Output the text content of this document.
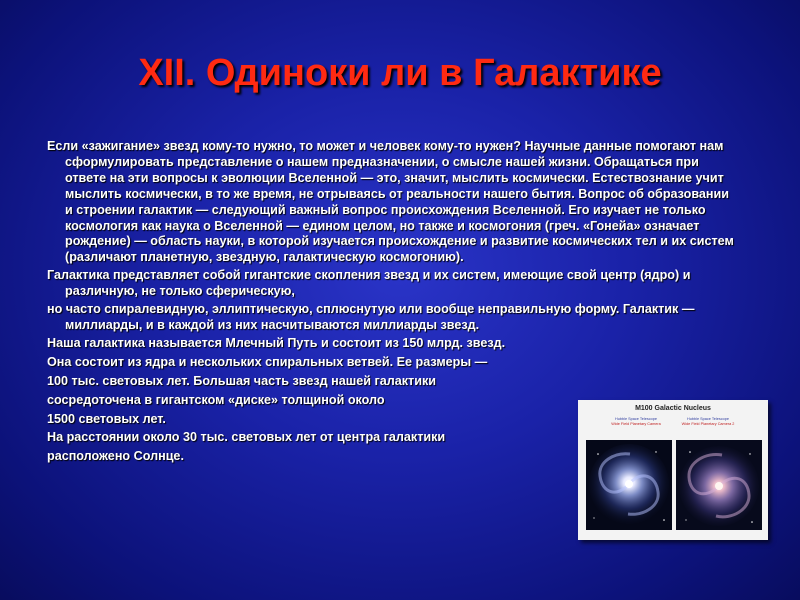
XII. Одиноки ли в Галактике

Если «зажигание» звезд кому-то нужно, то может и человек кому-то нужен? Научные данные помогают нам сформулировать представление о нашем предназначении, о смысле нашей жизни. Обращаться при ответе на эти вопросы к эволюции Вселенной — это, значит, мыслить космически. Естествознание учит мыслить космически, в то же время, не отрываясь от реальности нашего бытия. Вопрос об образовании и строении галактик — следующий важный вопрос происхождения Вселенной. Его изучает не только космология как наука о Вселенной — едином целом, но также и космогония (греч. «Гонейа» означает рождение) — область науки, в которой изучается происхождение и развитие космических тел и их систем (различают планетную, звездную, галактическую космогонию).

Галактика представляет собой гигантские скопления звезд и их систем, имеющие свой центр (ядро) и различную, не только сферическую,

но часто спиралевидную, эллиптическую, сплюснутую или вообще неправильную форму. Галактик — миллиарды, и в каждой из них насчитываются миллиарды звезд.

Наша галактика называется Млечный Путь и состоит из 150 млрд. звезд.

Она состоит из ядра и нескольких спиральных ветвей. Ее размеры —

100 тыс. световых лет. Большая часть звезд нашей галактики

сосредоточена в гигантском «диске» толщиной около

1500 световых лет.

На расстоянии около 30 тыс. световых лет от центра галактики

расположено Солнце.

M100 Galactic Nucleus
Hubble Space Telescope
Wide Field Planetary Camera
Hubble Space Telescope
Wide Field Planetary Camera 2
